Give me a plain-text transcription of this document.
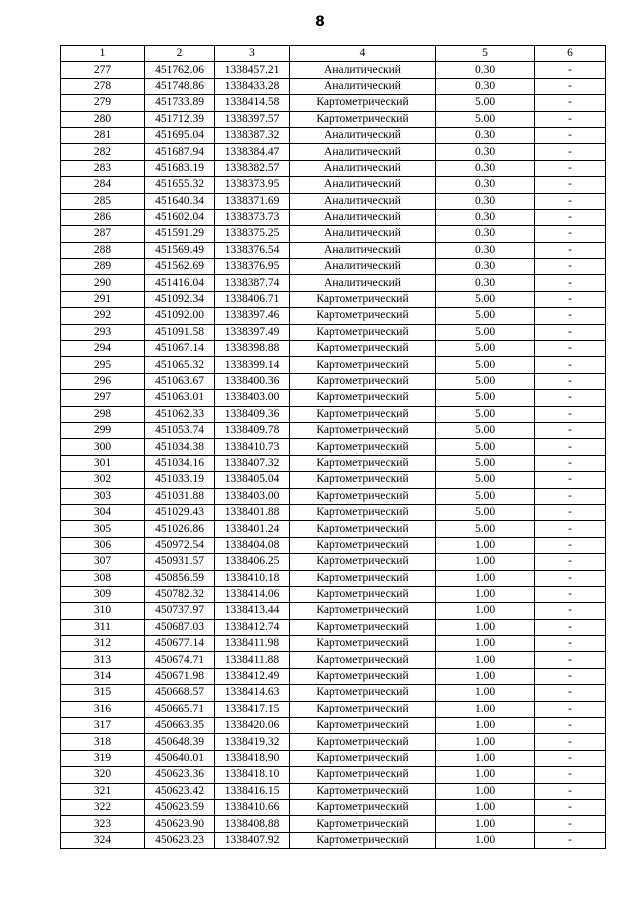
8
1	2	3	4	5	6
277	451762.06	1338457.21	Аналитический	0.30	-
278	451748.86	1338433.28	Аналитический	0.30	-
279	451733.89	1338414.58	Картометрический	5.00	-
280	451712.39	1338397.57	Картометрический	5.00	-
281	451695.04	1338387.32	Аналитический	0.30	-
282	451687.94	1338384.47	Аналитический	0.30	-
283	451683.19	1338382.57	Аналитический	0.30	-
284	451655.32	1338373.95	Аналитический	0.30	-
285	451640.34	1338371.69	Аналитический	0.30	-
286	451602.04	1338373.73	Аналитический	0.30	-
287	451591.29	1338375.25	Аналитический	0.30	-
288	451569.49	1338376.54	Аналитический	0.30	-
289	451562.69	1338376.95	Аналитический	0.30	-
290	451416.04	1338387.74	Аналитический	0.30	-
291	451092.34	1338406.71	Картометрический	5.00	-
292	451092.00	1338397.46	Картометрический	5.00	-
293	451091.58	1338397.49	Картометрический	5.00	-
294	451067.14	1338398.88	Картометрический	5.00	-
295	451065.32	1338399.14	Картометрический	5.00	-
296	451063.67	1338400.36	Картометрический	5.00	-
297	451063.01	1338403.00	Картометрический	5.00	-
298	451062.33	1338409.36	Картометрический	5.00	-
299	451053.74	1338409.78	Картометрический	5.00	-
300	451034.38	1338410.73	Картометрический	5.00	-
301	451034.16	1338407.32	Картометрический	5.00	-
302	451033.19	1338405.04	Картометрический	5.00	-
303	451031.88	1338403.00	Картометрический	5.00	-
304	451029.43	1338401.88	Картометрический	5.00	-
305	451026.86	1338401.24	Картометрический	5.00	-
306	450972.54	1338404.08	Картометрический	1.00	-
307	450931.57	1338406.25	Картометрический	1.00	-
308	450856.59	1338410.18	Картометрический	1.00	-
309	450782.32	1338414.06	Картометрический	1.00	-
310	450737.97	1338413.44	Картометрический	1.00	-
311	450687.03	1338412.74	Картометрический	1.00	-
312	450677.14	1338411.98	Картометрический	1.00	-
313	450674.71	1338411.88	Картометрический	1.00	-
314	450671.98	1338412.49	Картометрический	1.00	-
315	450668.57	1338414.63	Картометрический	1.00	-
316	450665.71	1338417.15	Картометрический	1.00	-
317	450663.35	1338420.06	Картометрический	1.00	-
318	450648.39	1338419.32	Картометрический	1.00	-
319	450640.01	1338418.90	Картометрический	1.00	-
320	450623.36	1338418.10	Картометрический	1.00	-
321	450623.42	1338416.15	Картометрический	1.00	-
322	450623.59	1338410.66	Картометрический	1.00	-
323	450623.90	1338408.88	Картометрический	1.00	-
324	450623.23	1338407.92	Картометрический	1.00	-
